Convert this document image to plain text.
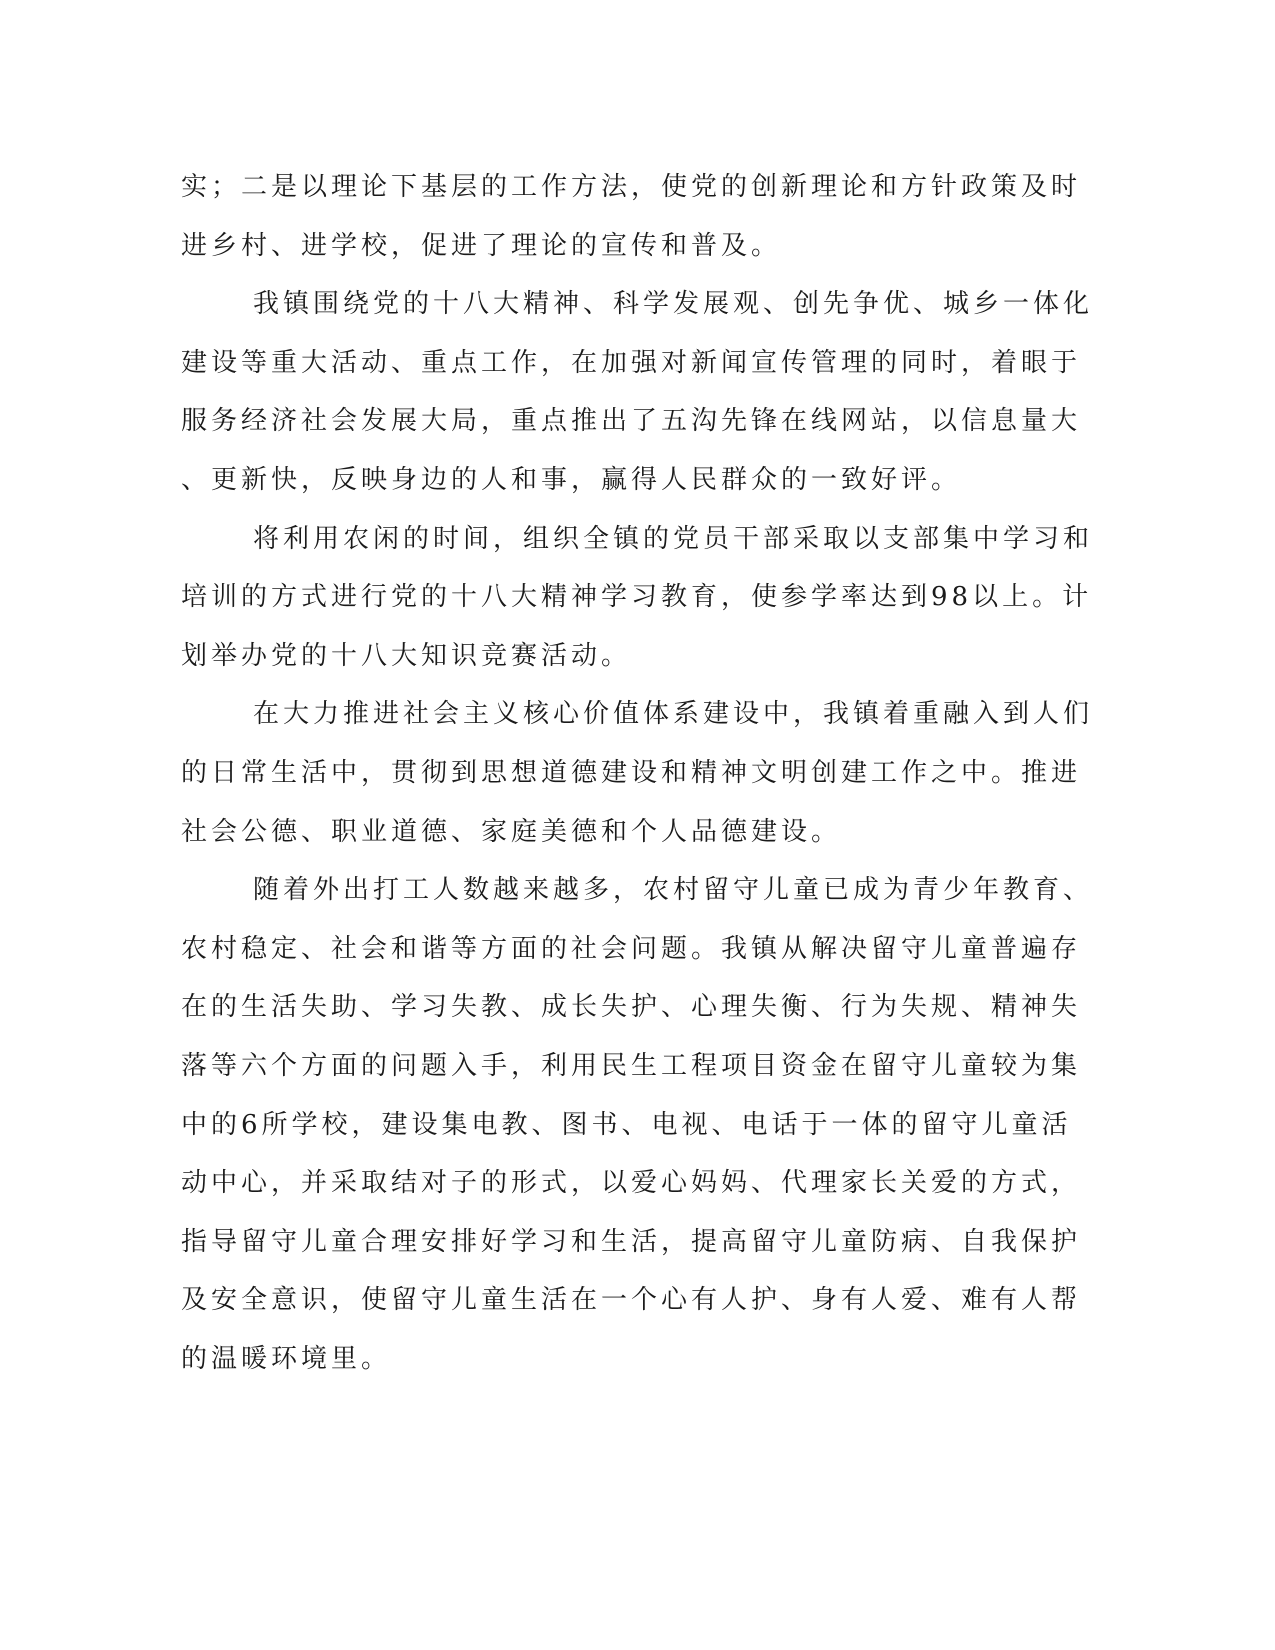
实；二是以理论下基层的工作方法，使党的创新理论和方针政策及时
进乡村、进学校，促进了理论的宣传和普及。

我镇围绕党的十八大精神、科学发展观、创先争优、城乡一体化
建设等重大活动、重点工作，在加强对新闻宣传管理的同时，着眼于
服务经济社会发展大局，重点推出了五沟先锋在线网站，以信息量大
、更新快，反映身边的人和事，赢得人民群众的一致好评。

将利用农闲的时间，组织全镇的党员干部采取以支部集中学习和
培训的方式进行党的十八大精神学习教育，使参学率达到98以上。计
划举办党的十八大知识竞赛活动。

在大力推进社会主义核心价值体系建设中，我镇着重融入到人们
的日常生活中，贯彻到思想道德建设和精神文明创建工作之中。推进
社会公德、职业道德、家庭美德和个人品德建设。

随着外出打工人数越来越多，农村留守儿童已成为青少年教育、
农村稳定、社会和谐等方面的社会问题。我镇从解决留守儿童普遍存
在的生活失助、学习失教、成长失护、心理失衡、行为失规、精神失
落等六个方面的问题入手，利用民生工程项目资金在留守儿童较为集
中的6所学校，建设集电教、图书、电视、电话于一体的留守儿童活
动中心，并采取结对子的形式，以爱心妈妈、代理家长关爱的方式，
指导留守儿童合理安排好学习和生活，提高留守儿童防病、自我保护
及安全意识，使留守儿童生活在一个心有人护、身有人爱、难有人帮
的温暖环境里。
